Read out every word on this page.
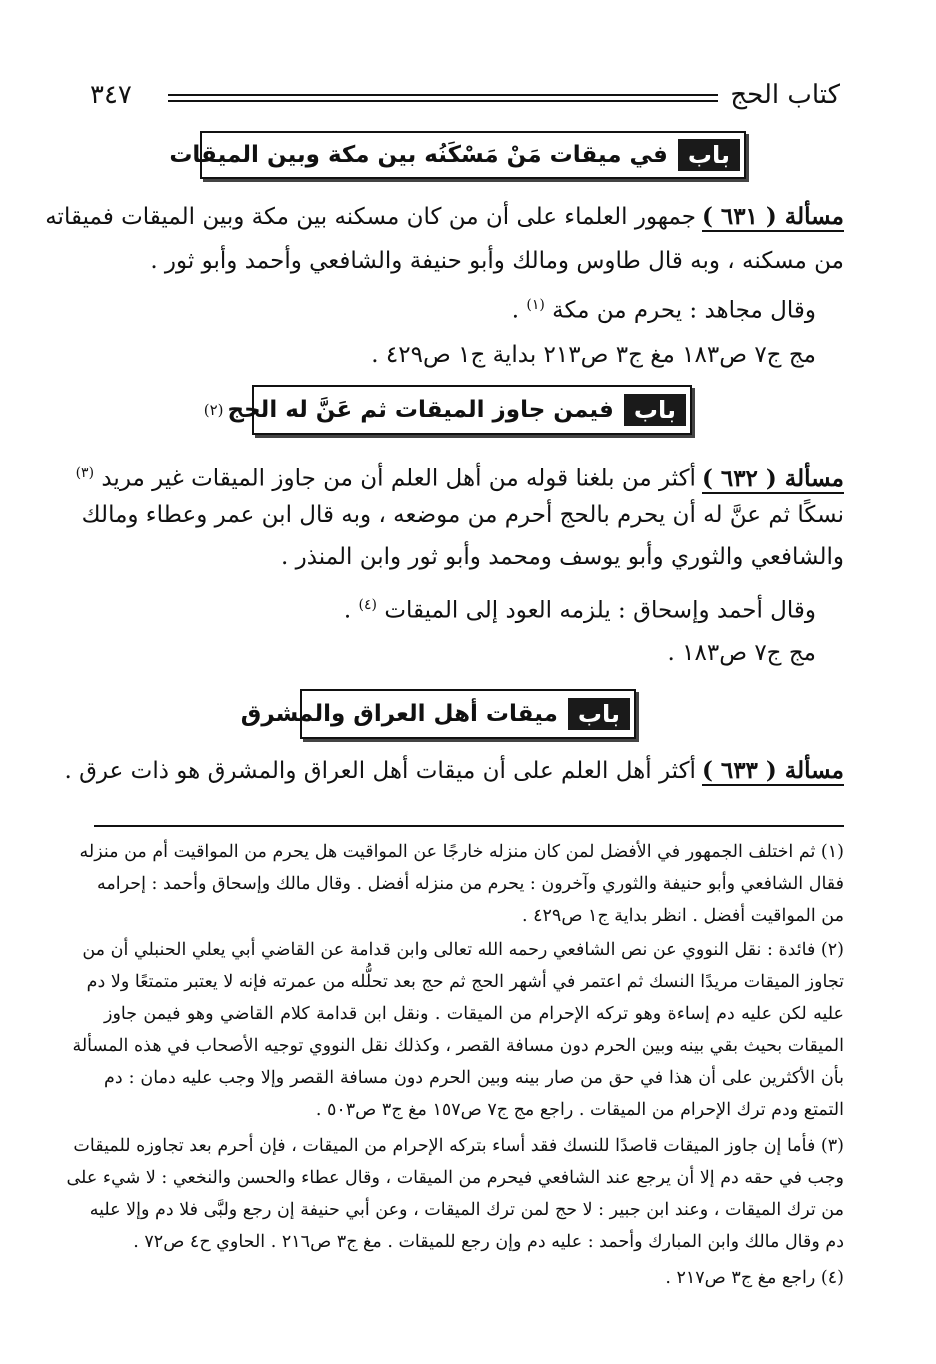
كتاب الحج
٣٤٧
باب
في ميقات مَنْ مَسْكَنُه بين مكة وبين الميقات
مسألة ( ٦٣١ )جمهور العلماء على أن من كان مسكنه بين مكة وبين الميقات فميقاته
من مسكنه ، وبه قال طاوس ومالك وأبو حنيفة والشافعي وأحمد وأبو ثور .
وقال مجاهد : يحرم من مكة $^{(١)}$ .
مج ج٧ ص١٨٣ مغ ج٣ ص٢١٣ بداية ج١ ص٤٢٩ .
باب
فيمن جاوز الميقات ثم عَنَّ له الحج
(٢)
مسألة ( ٦٣٢ )أكثر من بلغنا قوله من أهل العلم أن من جاوز الميقات غير مريد $^{(٣)}$
نسكًا ثم عنَّ له أن يحرم بالحج أحرم من موضعه ، وبه قال ابن عمر وعطاء ومالك
والشافعي والثوري وأبو يوسف ومحمد وأبو ثور وابن المنذر .
وقال أحمد وإسحاق : يلزمه العود إلى الميقات $^{(٤)}$ .
مج ج٧ ص١٨٣ .
باب
ميقات أهل العراق والمشرق
مسألة ( ٦٣٣ )أكثر أهل العلم على أن ميقات أهل العراق والمشرق هو ذات عرق .
(١) ثم اختلف الجمهور في الأفضل لمن كان منزله خارجًا عن المواقيت هل يحرم من المواقيت أم من منزله
فقال الشافعي وأبو حنيفة والثوري وآخرون : يحرم من منزله أفضل . وقال مالك وإسحاق وأحمد : إحرامه
من المواقيت أفضل . انظر بداية ج١ ص٤٢٩ .
(٢) فائدة : نقل النووي عن نص الشافعي رحمه الله تعالى وابن قدامة عن القاضي أبي يعلي الحنبلي أن من
تجاوز الميقات مريدًا النسك ثم اعتمر في أشهر الحج ثم حج بعد تحلُّله من عمرته فإنه لا يعتبر متمتعًا ولا دم
عليه لكن عليه دم إساءة وهو تركه الإحرام من الميقات . ونقل ابن قدامة كلام القاضي وهو فيمن جاوز
الميقات بحيث بقي بينه وبين الحرم دون مسافة القصر ، وكذلك نقل النووي توجيه الأصحاب في هذه المسألة
بأن الأكثرين على أن هذا في حق من صار بينه وبين الحرم دون مسافة القصر وإلا وجب عليه دمان : دم
التمتع ودم ترك الإحرام من الميقات . راجع مج ج٧ ص١٥٧ مغ ج٣ ص٥٠٣ .
(٣) فأما إن جاوز الميقات قاصدًا للنسك فقد أساء بتركه الإحرام من الميقات ، فإن أحرم بعد تجاوزه للميقات
وجب في حقه دم إلا أن يرجع عند الشافعي فيحرم من الميقات ، وقال عطاء والحسن والنخعي : لا شيء على
من ترك الميقات ، وعند ابن جبير : لا حج لمن ترك الميقات ، وعن أبي حنيفة إن رجع ولبَّى فلا دم وإلا عليه
دم وقال مالك وابن المبارك وأحمد : عليه دم وإن رجع للميقات . مغ ج٣ ص٢١٦ . الحاوي ح٤ ص٧٢ .
(٤) راجع مغ ج٣ ص٢١٧ .
